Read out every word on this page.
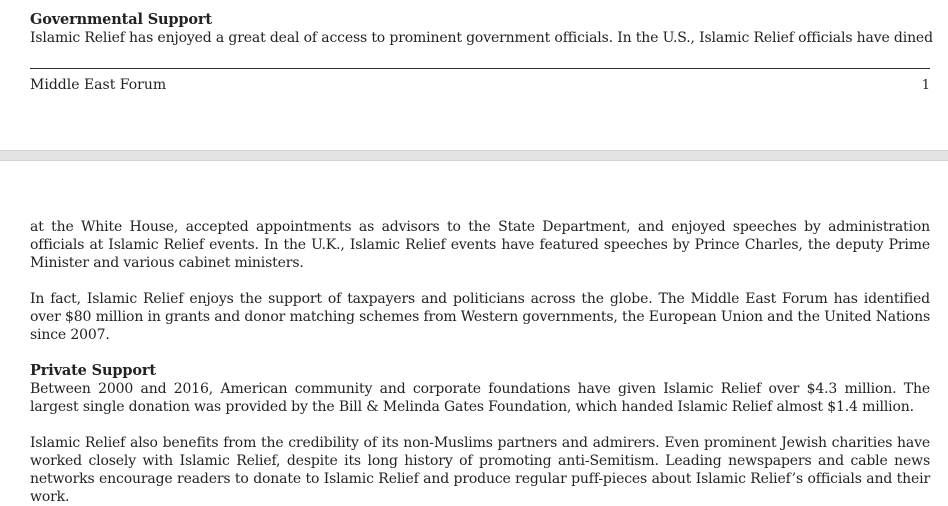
Governmental Support

Islamic Relief has enjoyed a great deal of access to prominent government officials. In the U.S., Islamic Relief officials have dined

Middle East Forum	1

at the White House, accepted appointments as advisors to the State Department, and enjoyed speeches by administration officials at Islamic Relief events. In the U.K., Islamic Relief events have featured speeches by Prince Charles, the deputy Prime Minister and various cabinet ministers.

In fact, Islamic Relief enjoys the support of taxpayers and politicians across the globe. The Middle East Forum has identified over $80 million in grants and donor matching schemes from Western governments, the European Union and the United Nations since 2007.

Private Support

Between 2000 and 2016, American community and corporate foundations have given Islamic Relief over $4.3 million. The largest single donation was provided by the Bill & Melinda Gates Foundation, which handed Islamic Relief almost $1.4 million.

Islamic Relief also benefits from the credibility of its non-Muslims partners and admirers. Even prominent Jewish charities have worked closely with Islamic Relief, despite its long history of promoting anti-Semitism. Leading newspapers and cable news networks encourage readers to donate to Islamic Relief and produce regular puff-pieces about Islamic Relief’s officials and their work.
